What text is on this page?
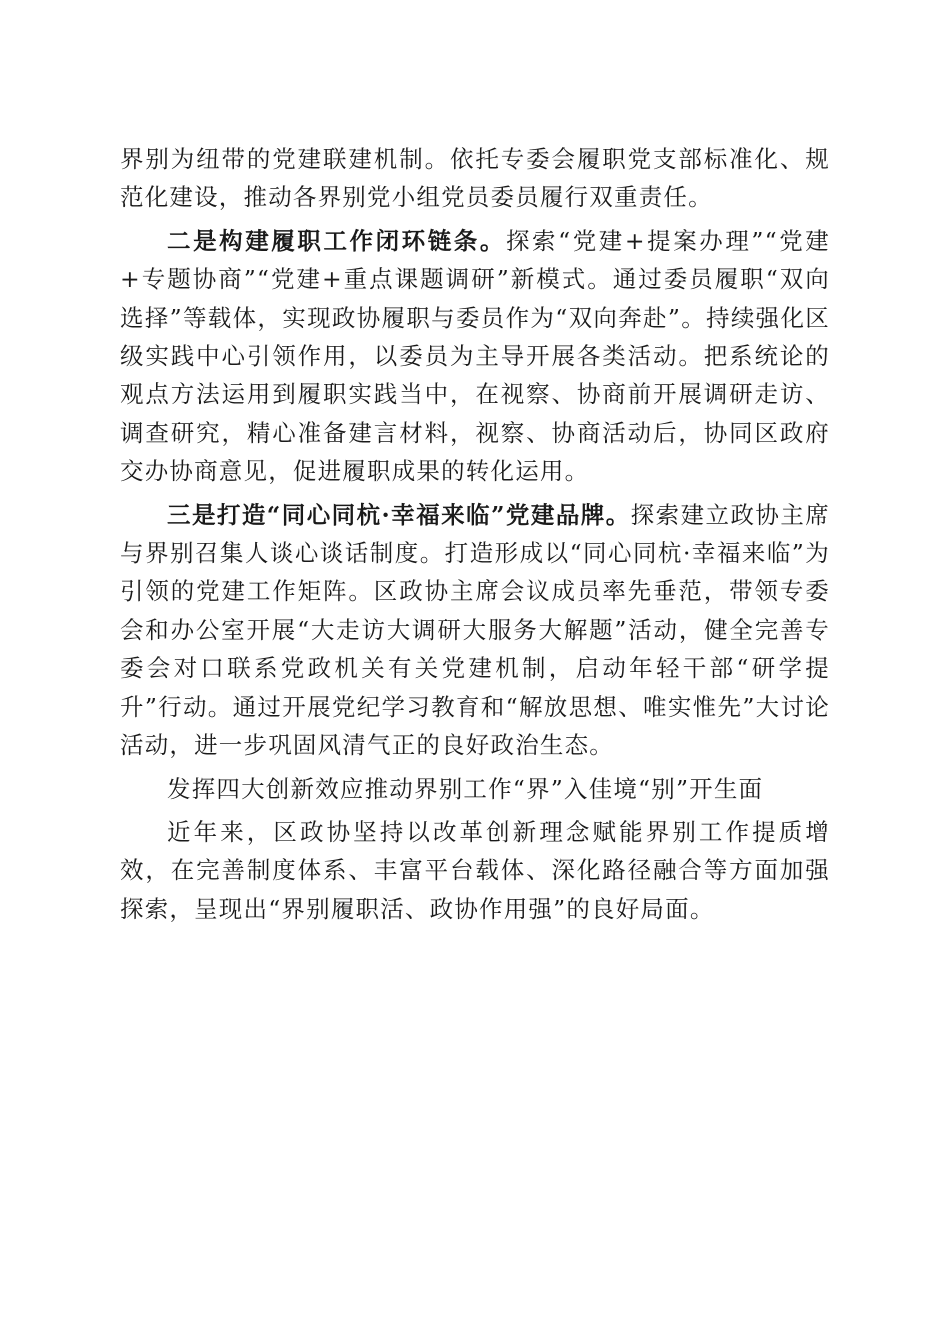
界别为纽带的党建联建机制。依托专委会履职党支部标准化、规范化建设，推动各界别党小组党员委员履行双重责任。

二是构建履职工作闭环链条。探索“党建+提案办理”“党建+专题协商”“党建+重点课题调研”新模式。通过委员履职“双向选择”等载体，实现政协履职与委员作为“双向奔赴”。持续强化区级实践中心引领作用，以委员为主导开展各类活动。把系统论的观点方法运用到履职实践当中，在视察、协商前开展调研走访、调查研究，精心准备建言材料，视察、协商活动后，协同区政府交办协商意见，促进履职成果的转化运用。

三是打造“同心同杭·幸福来临”党建品牌。探索建立政协主席与界别召集人谈心谈话制度。打造形成以“同心同杭·幸福来临”为引领的党建工作矩阵。区政协主席会议成员率先垂范，带领专委会和办公室开展“大走访大调研大服务大解题”活动，健全完善专委会对口联系党政机关有关党建机制，启动年轻干部“研学提升”行动。通过开展党纪学习教育和“解放思想、唯实惟先”大讨论活动，进一步巩固风清气正的良好政治生态。

发挥四大创新效应推动界别工作“界”入佳境“别”开生面

近年来，区政协坚持以改革创新理念赋能界别工作提质增效，在完善制度体系、丰富平台载体、深化路径融合等方面加强探索，呈现出“界别履职活、政协作用强”的良好局面。
